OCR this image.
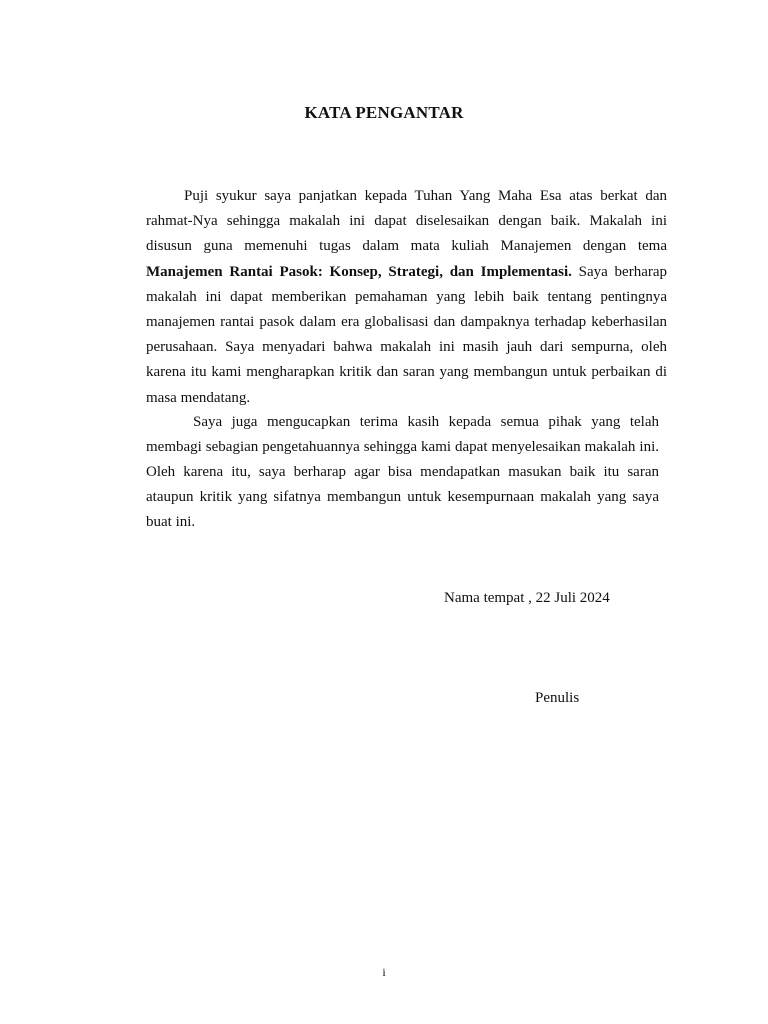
KATA PENGANTAR

Puji syukur saya panjatkan kepada Tuhan Yang Maha Esa atas berkat dan rahmat-Nya sehingga makalah ini dapat diselesaikan dengan baik. Makalah ini disusun guna memenuhi tugas dalam mata kuliah Manajemen dengan tema Manajemen Rantai Pasok: Konsep, Strategi, dan Implementasi. Saya berharap makalah ini dapat memberikan pemahaman yang lebih baik tentang pentingnya manajemen rantai pasok dalam era globalisasi dan dampaknya terhadap keberhasilan perusahaan. Saya menyadari bahwa makalah ini masih jauh dari sempurna, oleh karena itu kami mengharapkan kritik dan saran yang membangun untuk perbaikan di masa mendatang.

Saya juga mengucapkan terima kasih kepada semua pihak yang telah membagi sebagian pengetahuannya sehingga kami dapat menyelesaikan makalah ini. Oleh karena itu, saya berharap agar bisa mendapatkan masukan baik itu saran ataupun kritik yang sifatnya membangun untuk kesempurnaan makalah yang saya buat ini.

Nama tempat , 22 Juli 2024
Penulis
i
